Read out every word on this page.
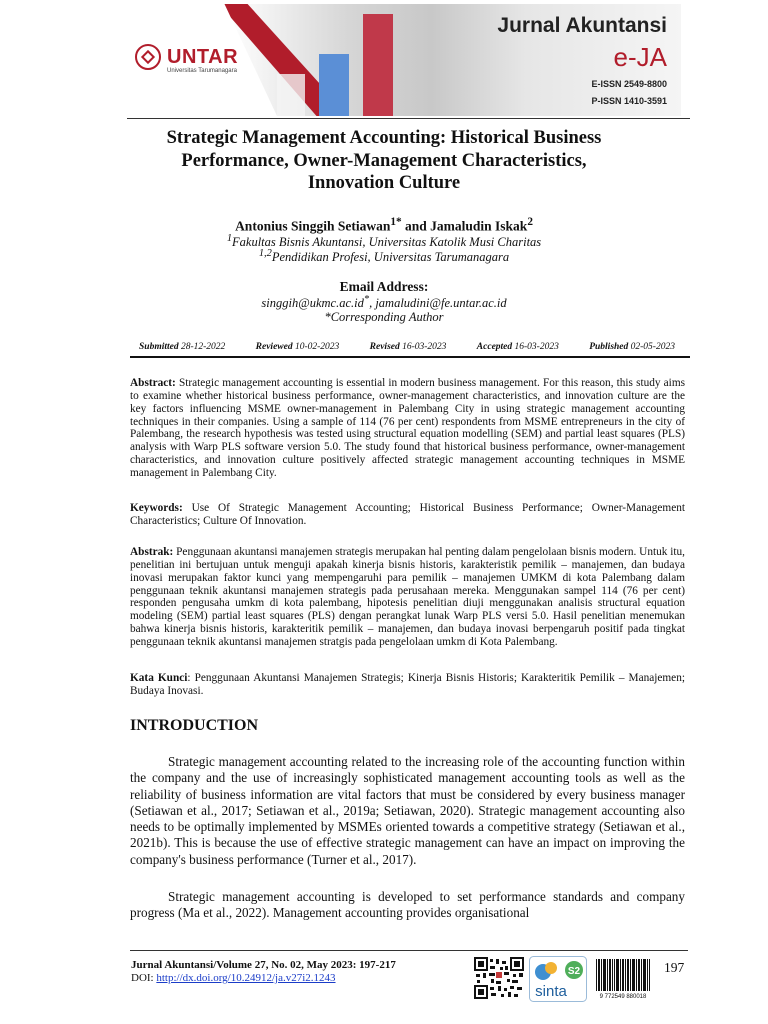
UNTAR
Universitas Tarumanagara
Jurnal Akuntansi
e-JA
E-ISSN 2549-8800
P-ISSN 1410-3591
Strategic Management Accounting: Historical Business Performance, Owner-Management Characteristics, Innovation Culture
Antonius Singgih Setiawan$^{1*}$ and Jamaludin Iskak$^2$
$^1$Fakultas Bisnis Akuntansi, Universitas Katolik Musi Charitas
$^{1,2}$Pendidikan Profesi, Universitas Tarumanagara
Email Address:
singgih@ukmc.ac.id*, jamaludini@fe.untar.ac.id
*Corresponding Author
Submitted 28-12-2022	Reviewed 10-02-2023	Revised 16-03-2023	Accepted 16-03-2023	Published 02-05-2023
Abstract: Strategic management accounting is essential in modern business management. For this reason, this study aims to examine whether historical business performance, owner-management characteristics, and innovation culture are the key factors influencing MSME owner-management in Palembang City in using strategic management accounting techniques in their companies. Using a sample of 114 (76 per cent) respondents from MSME entrepreneurs in the city of Palembang, the research hypothesis was tested using structural equation modelling (SEM) and partial least squares (PLS) analysis with Warp PLS software version 5.0. The study found that historical business performance, owner-management characteristics, and innovation culture positively affected strategic management accounting techniques in MSME management in Palembang City.
Keywords: Use Of Strategic Management Accounting; Historical Business Performance; Owner-Management Characteristics; Culture Of Innovation.
Abstrak: Penggunaan akuntansi manajemen strategis merupakan hal penting dalam pengelolaan bisnis modern. Untuk itu, penelitian ini bertujuan untuk menguji apakah kinerja bisnis historis, karakteristik pemilik – manajemen, dan budaya inovasi merupakan faktor kunci yang mempengaruhi para pemilik – manajemen UMKM di kota Palembang dalam penggunaan teknik akuntansi manajemen strategis pada perusahaan mereka. Menggunakan sampel 114 (76 per cent) responden pengusaha umkm di kota palembang, hipotesis penelitian diuji menggunakan analisis structural equation modeling (SEM) partial least squares (PLS) dengan perangkat lunak Warp PLS versi 5.0. Hasil penelitian menemukan bahwa kinerja bisnis historis, karakteritik pemilik – manajemen, dan budaya inovasi berpengaruh positif pada tingkat penggunaan teknik akuntansi manajemen stratgis pada pengelolaan umkm di Kota Palembang.
Kata Kunci: Penggunaan Akuntansi Manajemen Strategis; Kinerja Bisnis Historis; Karakteritik Pemilik – Manajemen; Budaya Inovasi.
INTRODUCTION
Strategic management accounting related to the increasing role of the accounting function within the company and the use of increasingly sophisticated management accounting tools as well as the reliability of business information are vital factors that must be considered by every business manager (Setiawan et al., 2017; Setiawan et al., 2019a; Setiawan, 2020). Strategic management accounting also needs to be optimally implemented by MSMEs oriented towards a competitive strategy (Setiawan et al., 2021b). This is because the use of effective strategic management can have an impact on improving the company's business performance (Turner et al., 2017).
Strategic management accounting is developed to set performance standards and company progress (Ma et al., 2022). Management accounting provides organisational
Jurnal Akuntansi/Volume 27, No. 02, May 2023: 197-217
DOI: http://dx.doi.org/10.24912/ja.v27i2.1243
S2
sinta	9 772549 880018
197
